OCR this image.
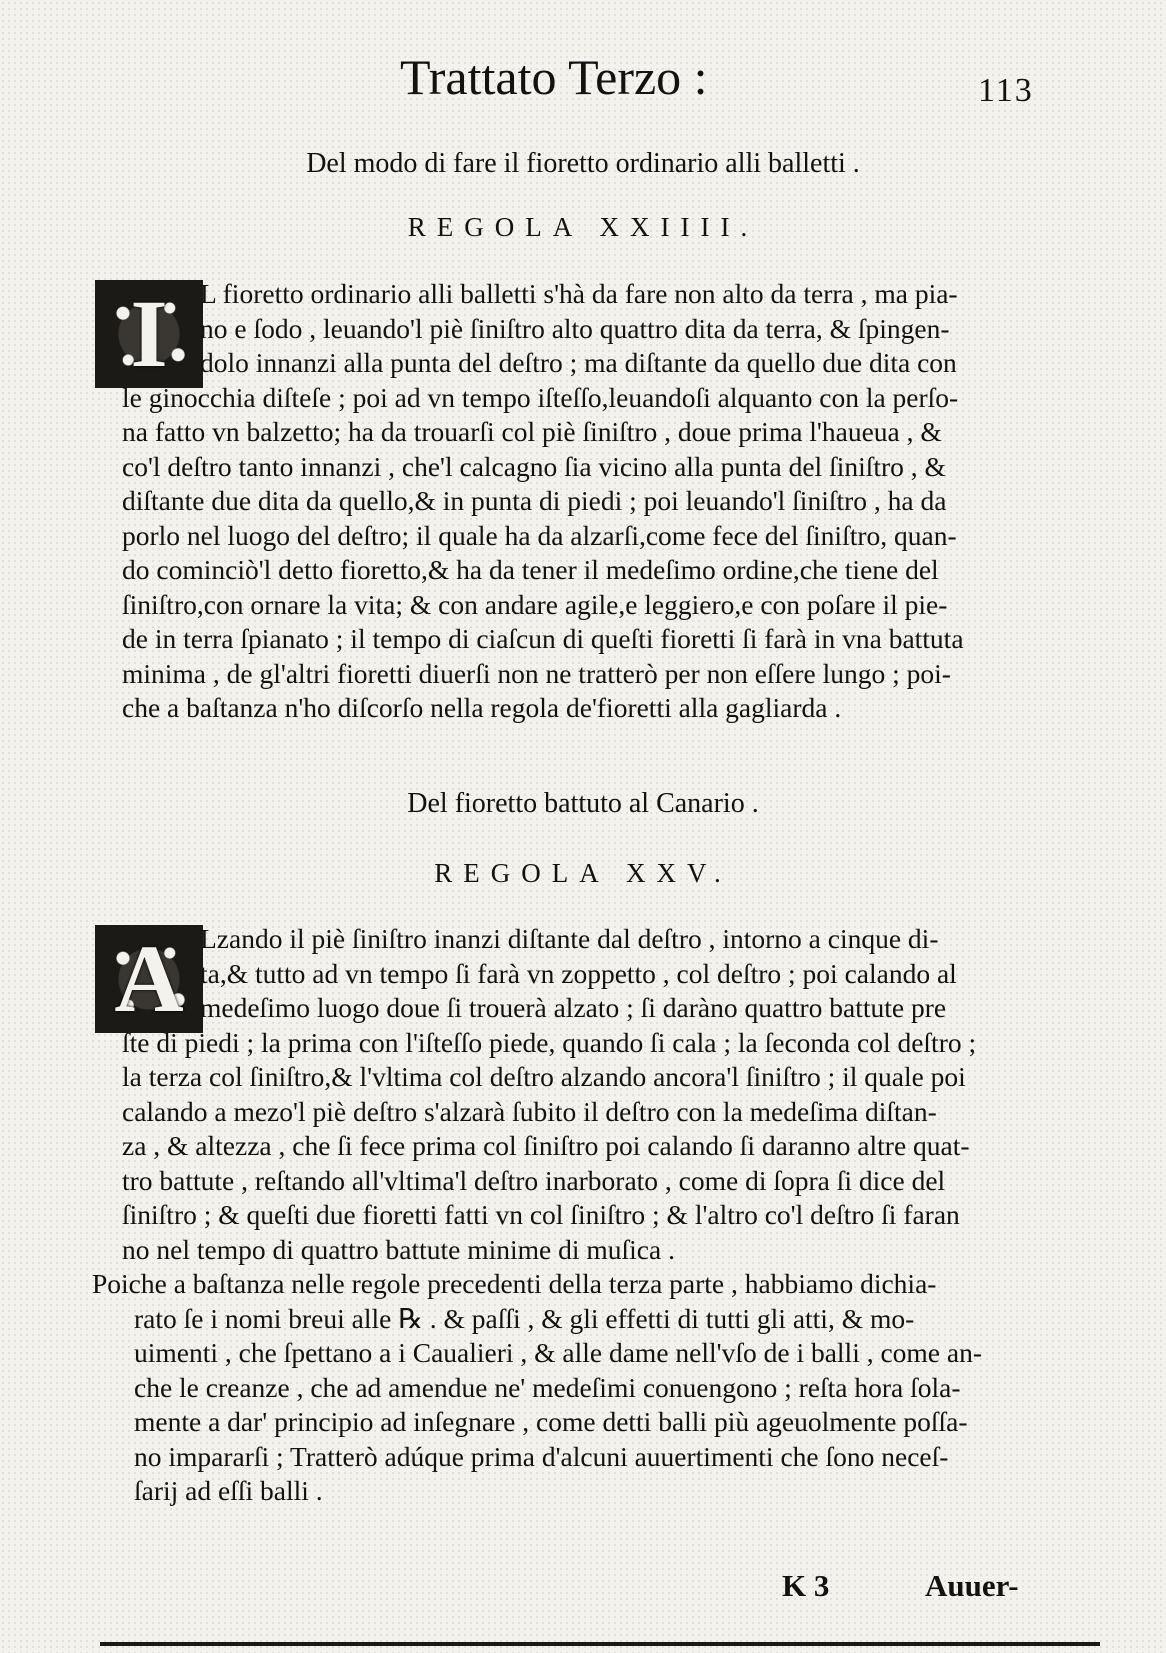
Trattato Terzo :	113
Del modo di fare il fioretto ordinario alli balletti .
REGOLA XXIIII.
I	L fioretto ordinario alli balletti s'hà da fare non alto da terra , ma pia-
no e ſodo , leuando'l piè ſiniſtro alto quattro dita da terra, & ſpingen-
dolo innanzi alla punta del deſtro ; ma diſtante da quello due dita con
le ginocchia diſteſe ; poi ad vn tempo iſteſſo,leuandoſi alquanto con la perſo-
na fatto vn balzetto; ha da trouarſi col piè ſiniſtro , doue prima l'haueua , &
co'l deſtro tanto innanzi , che'l calcagno ſia vicino alla punta del ſiniſtro , &
diſtante due dita da quello,& in punta di piedi ; poi leuando'l ſiniſtro , ha da
porlo nel luogo del deſtro; il quale ha da alzarſi,come fece del ſiniſtro, quan-
do cominciò'l detto fioretto,& ha da tener il medeſimo ordine,che tiene del
ſiniſtro,con ornare la vita; & con andare agile,e leggiero,e con poſare il pie-
de in terra ſpianato ; il tempo di ciaſcun di queſti fioretti ſi farà in vna battuta
minima , de gl'altri fioretti diuerſi non ne tratterò per non eſſere lungo ; poi-
che a baſtanza n'ho diſcorſo nella regola de'fioretti alla gagliarda .
Del fioretto battuto al Canario .
REGOLA XXV.
A Lzando il piè ſiniſtro inanzi diſtante dal deſtro , intorno a cinque di-
ta,& tutto ad vn tempo ſi farà vn zoppetto , col deſtro ; poi calando al
medeſimo luogo doue ſi trouerà alzato ; ſi daràno quattro battute pre
ſte di piedi ; la prima con l'iſteſſo piede, quando ſi cala ; la ſeconda col deſtro ;
la terza col ſiniſtro,& l'vltima col deſtro alzando ancora'l ſiniſtro ; il quale poi
calando a mezo'l piè deſtro s'alzarà ſubito il deſtro con la medeſima diſtan-
za , & altezza , che ſi fece prima col ſiniſtro poi calando ſi daranno altre quat-
tro battute , reſtando all'vltima'l deſtro inarborato , come di ſopra ſi dice del
ſiniſtro ; & queſti due fioretti fatti vn col ſiniſtro ; & l'altro co'l deſtro ſi faran
no nel tempo di quattro battute minime di muſica .
Poiche a baſtanza nelle regole precedenti della terza parte , habbiamo dichia-
rato ſe i nomi breui alle ℞ . & paſſi , & gli effetti di tutti gli atti, & mo-
uimenti , che ſpettano a i Caualieri , & alle dame nell'vſo de i balli , come an-
che le creanze , che ad amendue ne' medeſimi conuengono ; reſta hora ſola-
mente a dar' principio ad inſegnare , come detti balli più ageuolmente poſſa-
no impararſi ; Tratterò adúque prima d'alcuni auuertimenti che ſono neceſ-
ſarij ad eſſi balli .
K 3	Auuer-
